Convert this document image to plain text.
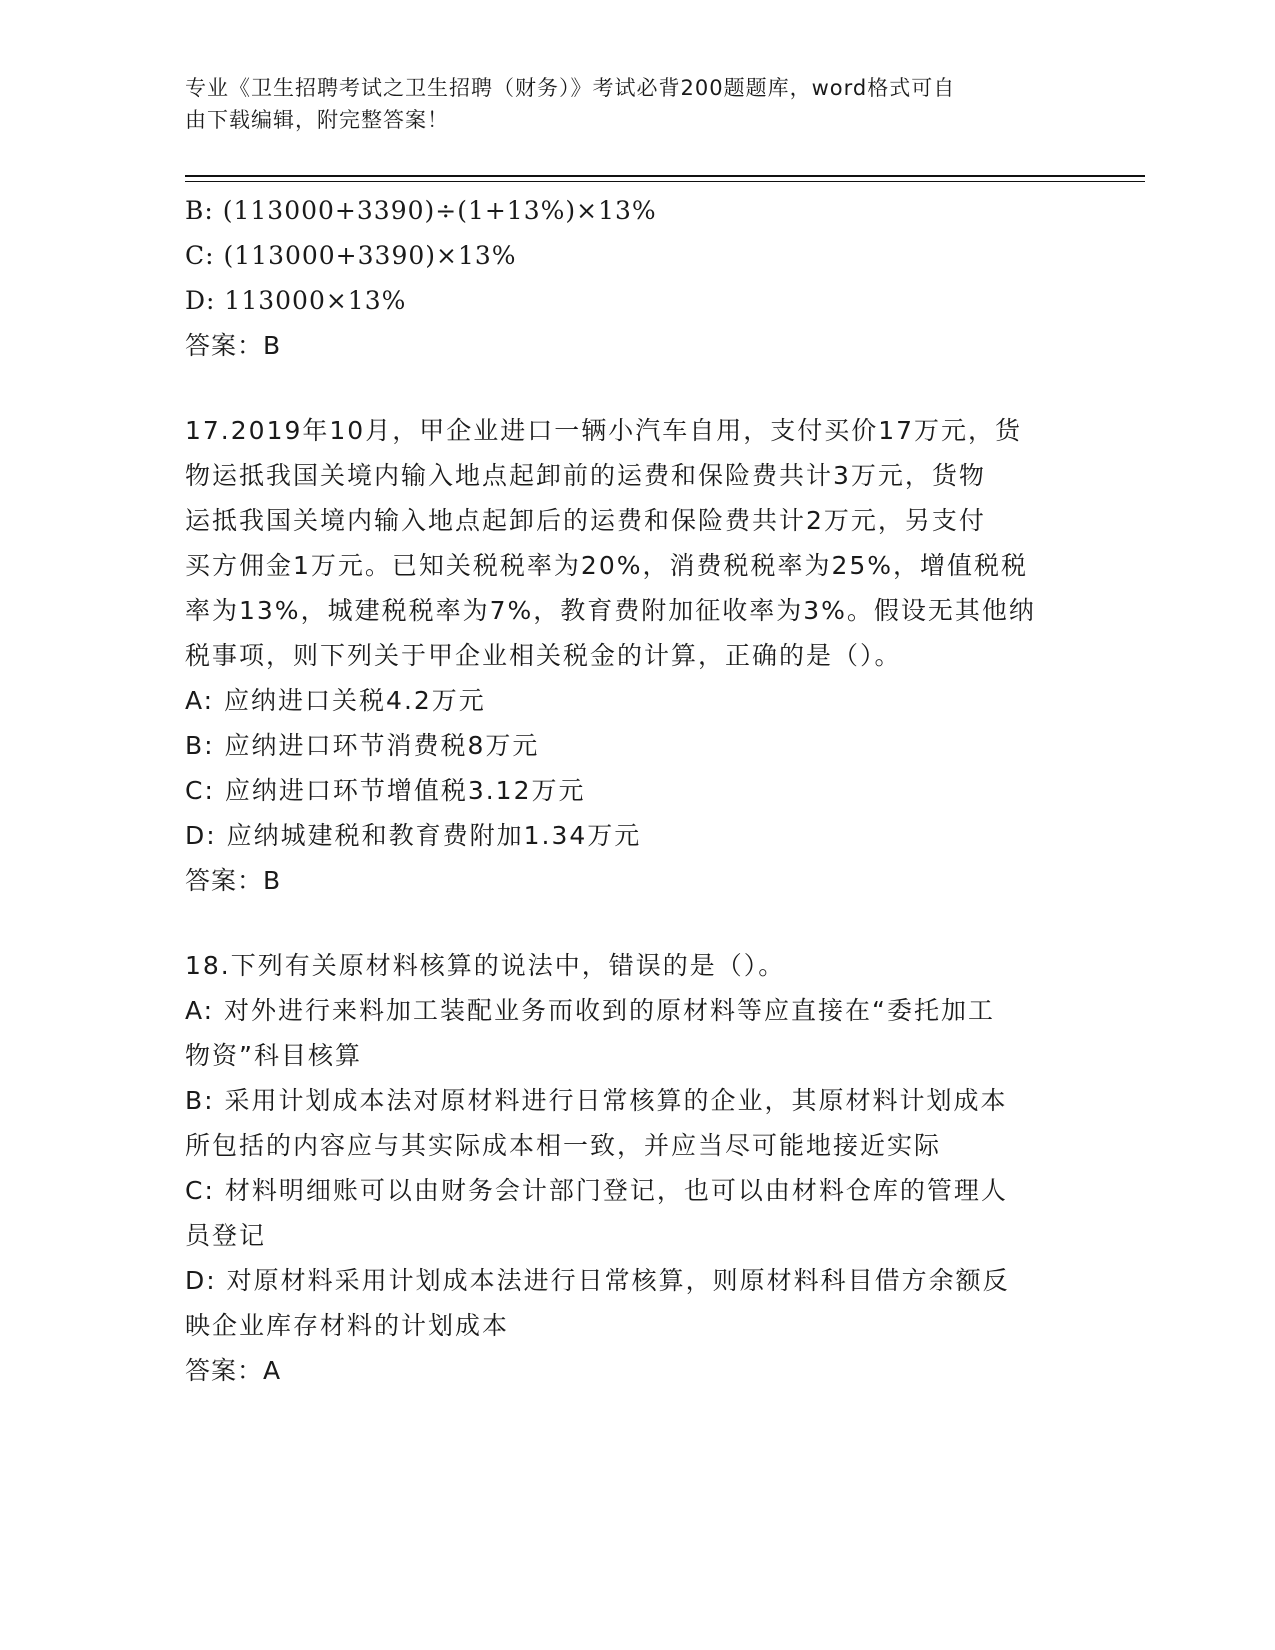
专业《卫生招聘考试之卫生招聘（财务）》考试必背200题题库，word格式可自
由下载编辑，附完整答案！
B: (113000+3390)÷(1+13%)×13%
C: (113000+3390)×13%
D: 113000×13%
答案：B
17.2019年10月，甲企业进口一辆小汽车自用，支付买价17万元，货
物运抵我国关境内输入地点起卸前的运费和保险费共计3万元，货物
运抵我国关境内输入地点起卸后的运费和保险费共计2万元，另支付
买方佣金1万元。已知关税税率为20%，消费税税率为25%，增值税税
率为13%，城建税税率为7%，教育费附加征收率为3%。假设无其他纳
税事项，则下列关于甲企业相关税金的计算，正确的是（）。
A: 应纳进口关税4.2万元
B: 应纳进口环节消费税8万元
C: 应纳进口环节增值税3.12万元
D: 应纳城建税和教育费附加1.34万元
答案：B
18.下列有关原材料核算的说法中，错误的是（）。
A: 对外进行来料加工装配业务而收到的原材料等应直接在“委托加工
物资”科目核算
B: 采用计划成本法对原材料进行日常核算的企业，其原材料计划成本
所包括的内容应与其实际成本相一致，并应当尽可能地接近实际
C: 材料明细账可以由财务会计部门登记，也可以由材料仓库的管理人
员登记
D: 对原材料采用计划成本法进行日常核算，则原材料科目借方余额反
映企业库存材料的计划成本
答案：A
